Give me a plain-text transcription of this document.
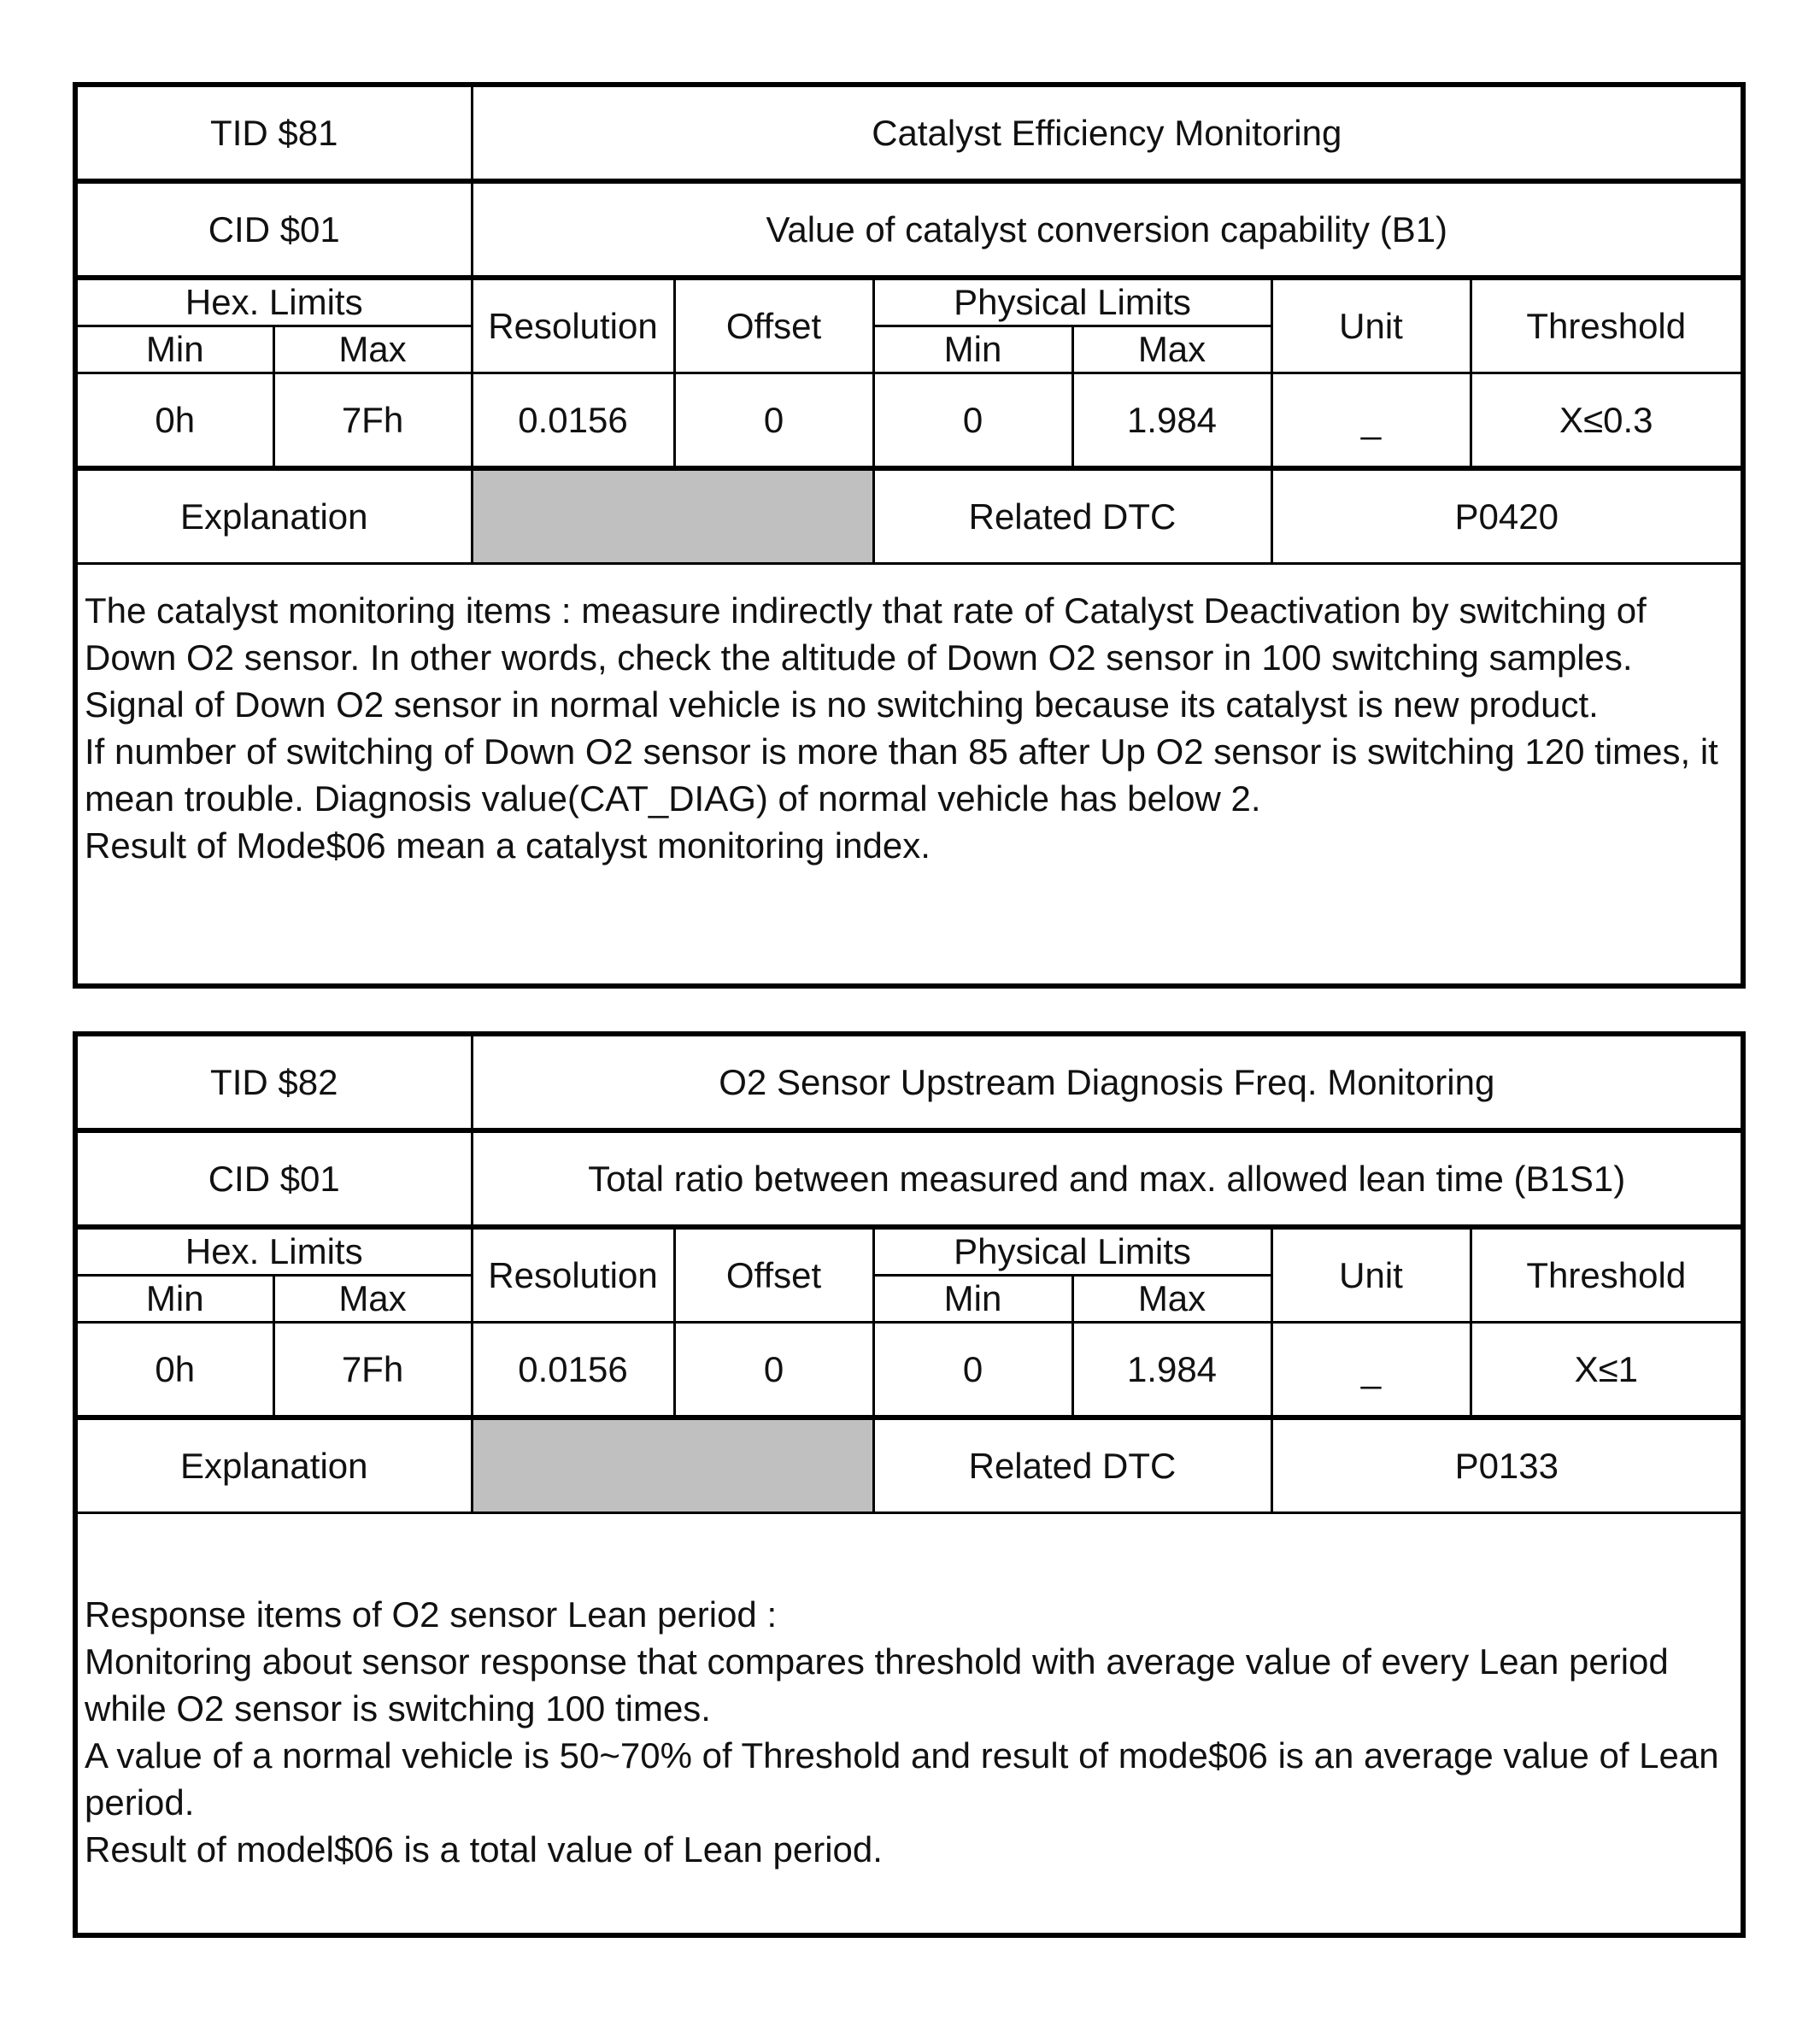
TID $81		Catalyst Efficiency Monitoring					
CID $01		Value of catalyst conversion capability (B1)					
Hex. Limits		Resolution	Offset	Physical Limits		Unit	Threshold
Min	Max			Min	Max		
0h	7Fh	0.0156	0	0	1.984	_	X≤0.3
Explanation				Related DTC		P0420	
The catalyst monitoring items : measure indirectly that rate of Catalyst Deactivation by switching of Down O2 sensor. In other words, check the altitude of Down O2 sensor in 100 switching samples.
Signal of Down O2 sensor in normal vehicle is no switching because its catalyst is new product.
If number of switching of Down O2 sensor is more than 85 after Up O2 sensor is switching 120 times, it mean trouble. Diagnosis value(CAT_DIAG) of normal vehicle has below 2.
Result of Mode$06 mean a catalyst monitoring index.
TID $82		O2 Sensor Upstream Diagnosis Freq. Monitoring					
CID $01		Total ratio between measured and max. allowed lean time (B1S1)					
Hex. Limits		Resolution	Offset	Physical Limits		Unit	Threshold
Min	Max			Min	Max		
0h	7Fh	0.0156	0	0	1.984	_	X≤1
Explanation				Related DTC		P0133	
Response items of O2 sensor Lean period :
Monitoring about sensor response that compares threshold with average value of every Lean period while O2 sensor is switching 100 times.
A value of a normal vehicle is 50~70% of Threshold and result of mode$06 is an average value of Lean period.
Result of model$06 is a total value of Lean period.
